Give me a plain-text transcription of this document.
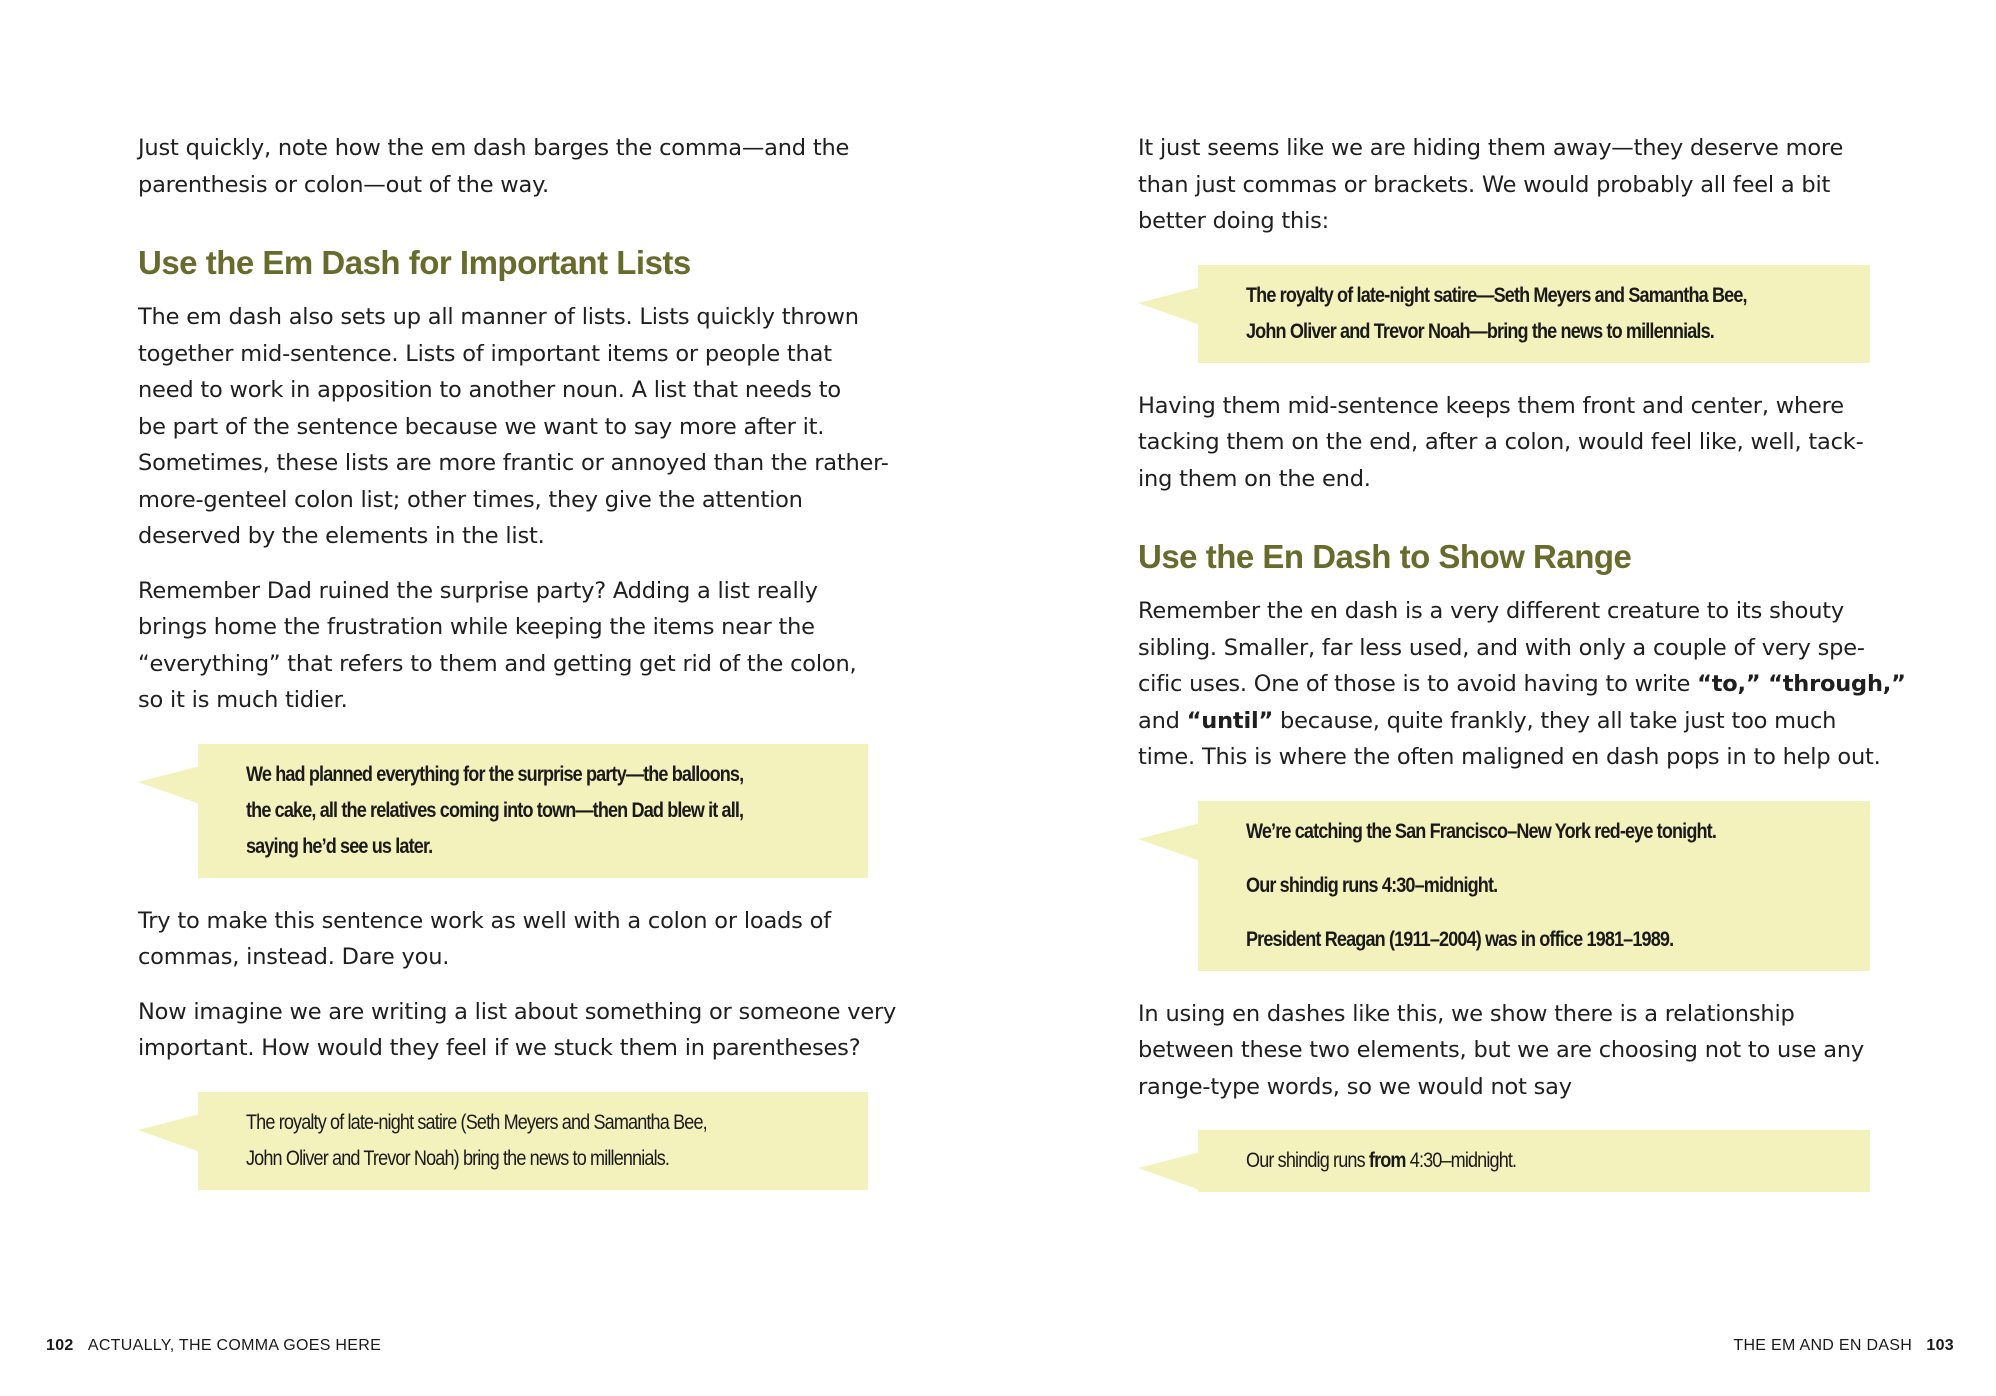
Just quickly, note how the em dash barges the comma—and the
parenthesis or colon—out of the way.

Use the Em Dash for Important Lists

The em dash also sets up all manner of lists. Lists quickly thrown
together mid-sentence. Lists of important items or people that
need to work in apposition to another noun. A list that needs to
be part of the sentence because we want to say more after it.
Sometimes, these lists are more frantic or annoyed than the rather-
more-genteel colon list; other times, they give the attention
deserved by the elements in the list.

Remember Dad ruined the surprise party? Adding a list really
brings home the frustration while keeping the items near the
“everything” that refers to them and getting get rid of the colon,
so it is much tidier.

We had planned everything for the surprise party—the balloons,
the cake, all the relatives coming into town—then Dad blew it all,
saying he’d see us later.

Try to make this sentence work as well with a colon or loads of
commas, instead. Dare you.

Now imagine we are writing a list about something or someone very
important. How would they feel if we stuck them in parentheses?

The royalty of late-night satire (Seth Meyers and Samantha Bee,
John Oliver and Trevor Noah) bring the news to millennials.

It just seems like we are hiding them away—they deserve more
than just commas or brackets. We would probably all feel a bit
better doing this:

The royalty of late-night satire—Seth Meyers and Samantha Bee,
John Oliver and Trevor Noah—bring the news to millennials.

Having them mid-sentence keeps them front and center, where
tacking them on the end, after a colon, would feel like, well, tack-
ing them on the end.

Use the En Dash to Show Range

Remember the en dash is a very different creature to its shouty
sibling. Smaller, far less used, and with only a couple of very spe-
cific uses. One of those is to avoid having to write “to,” “through,”
and “until” because, quite frankly, they all take just too much
time. This is where the often maligned en dash pops in to help out.

We’re catching the San Francisco–New York red-eye tonight.
Our shindig runs 4:30–midnight.
President Reagan (1911–2004) was in office 1981–1989.

In using en dashes like this, we show there is a relationship
between these two elements, but we are choosing not to use any
range-type words, so we would not say

Our shindig runs from 4:30–midnight.
102 ACTUALLY, THE COMMA GOES HERE	THE EM AND EN DASH 103
